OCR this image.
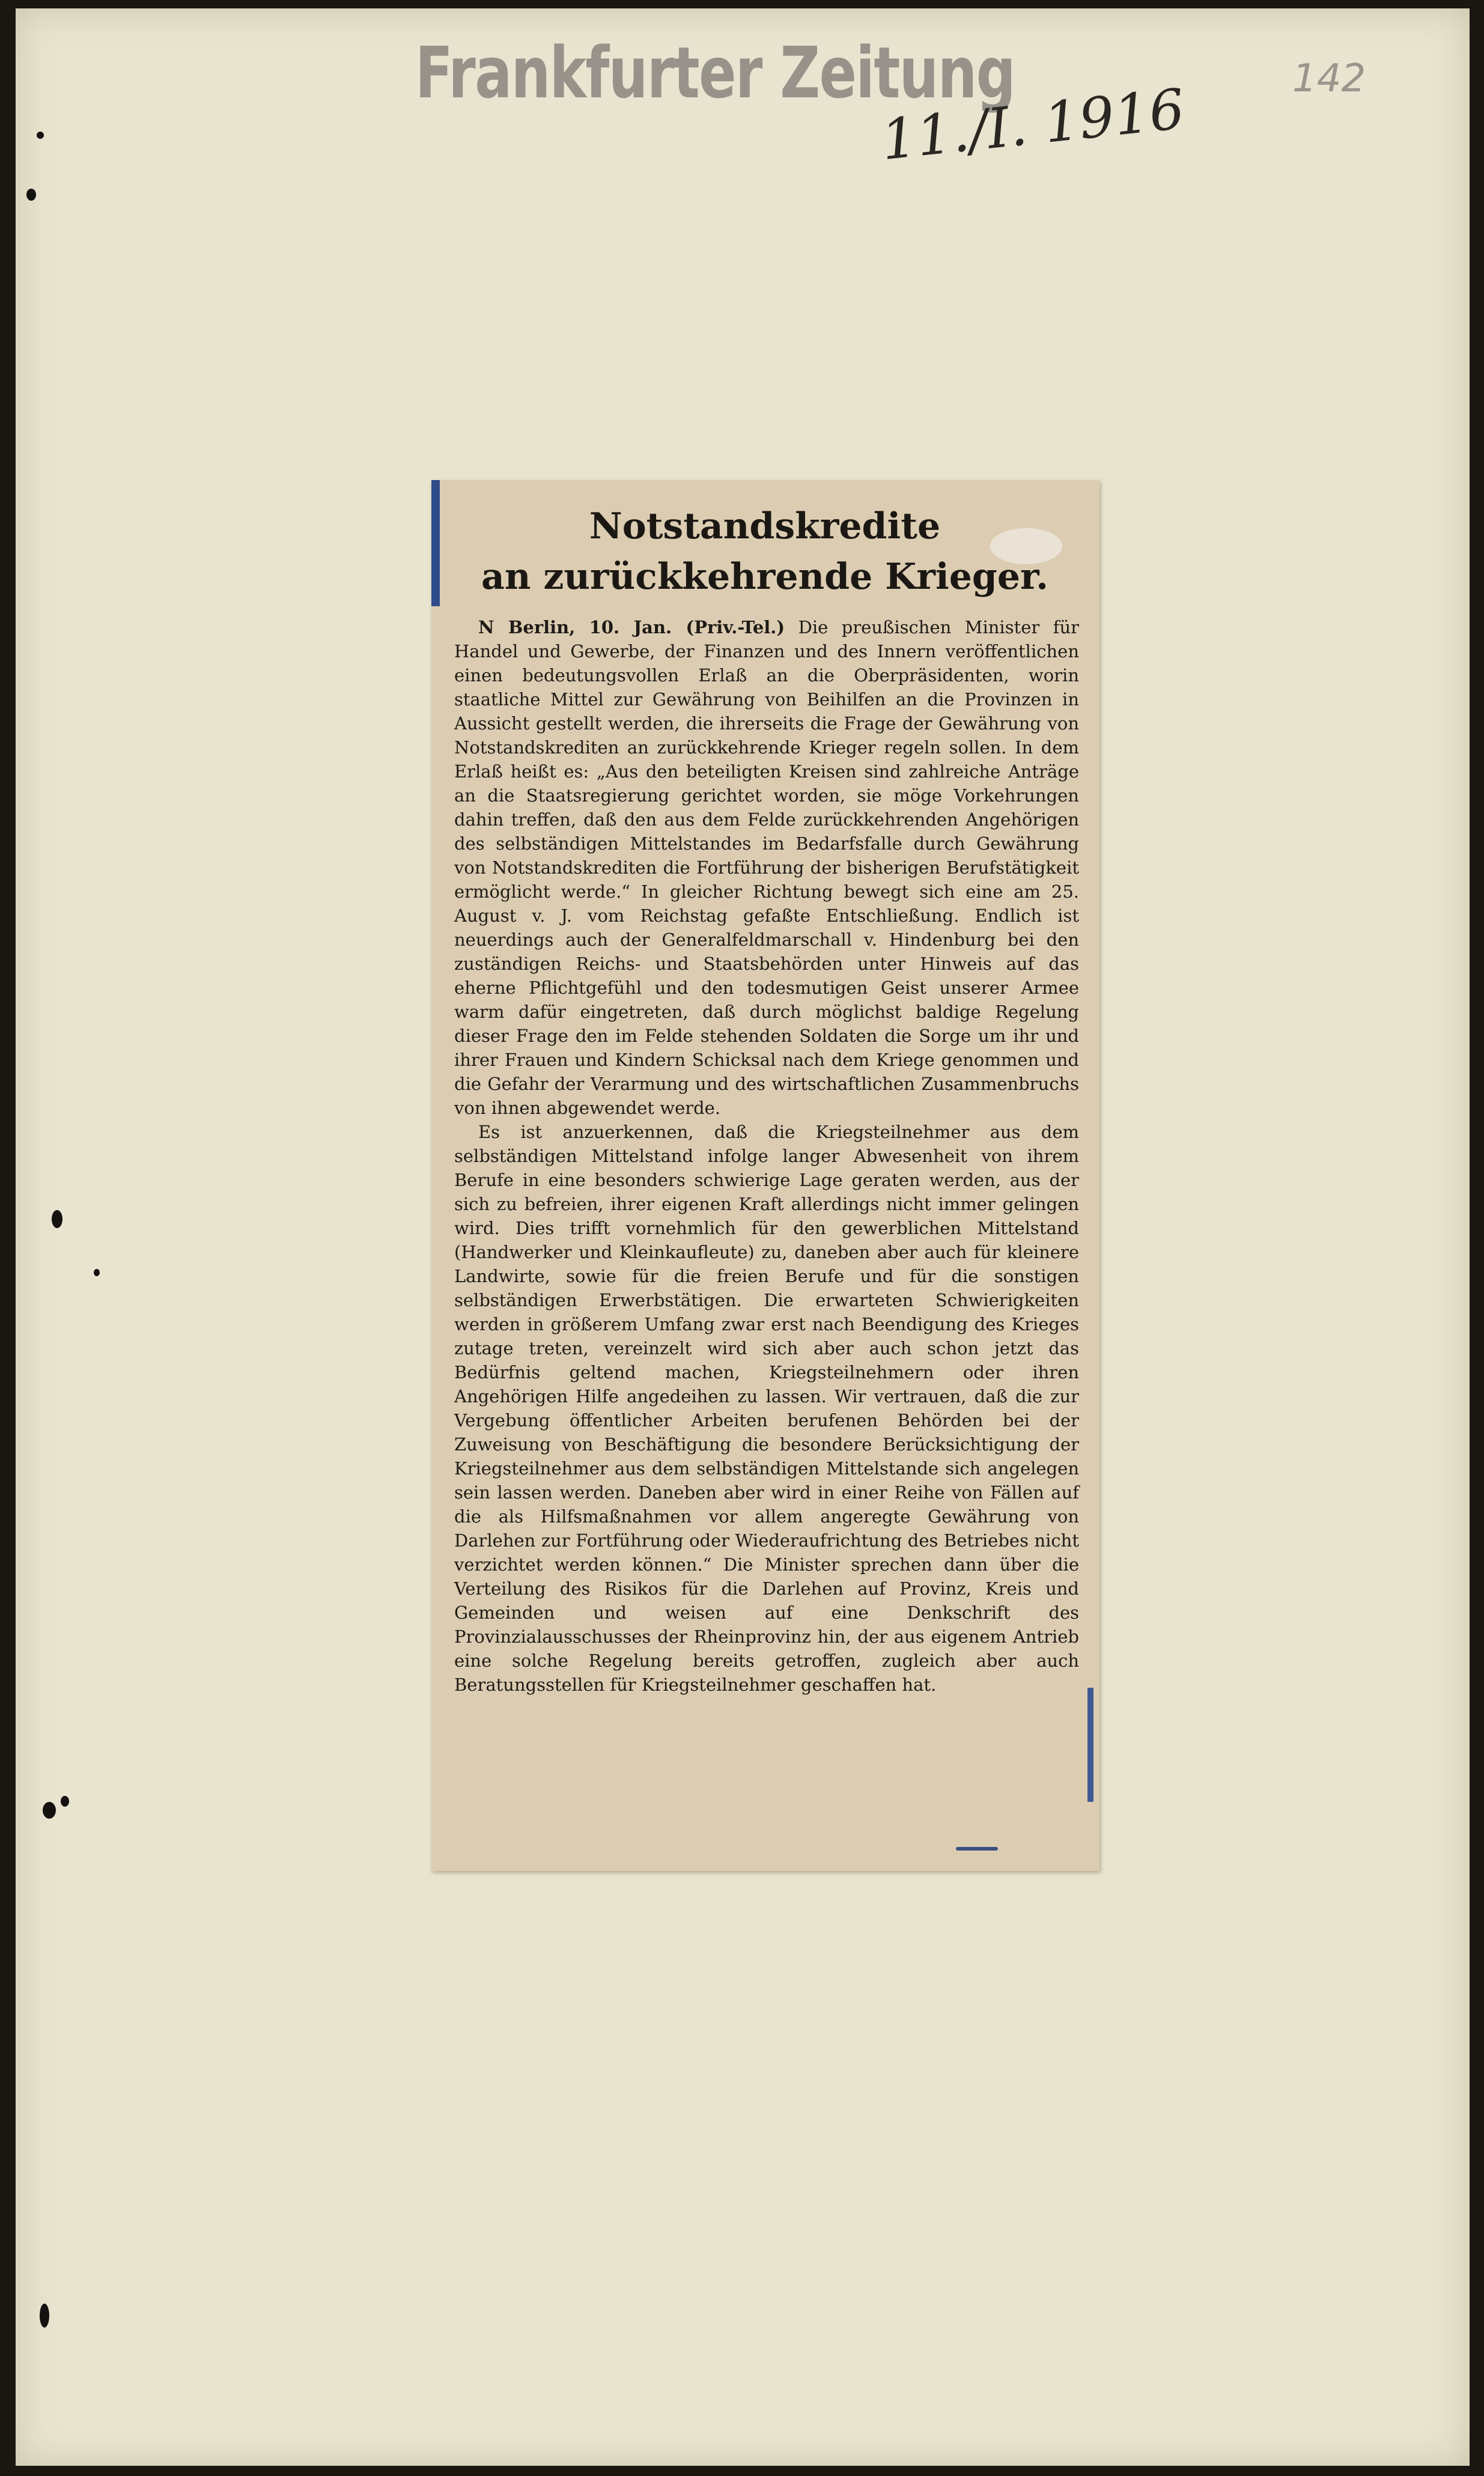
Frankfurter Zeitung
11./I. 1916	142
Notstandskredite
an zurückkehrende Krieger.

N Berlin, 10. Jan. (Priv.-Tel.) Die preußischen Minister für Handel und Gewerbe, der Finanzen und des Innern veröffentlichen einen bedeutungsvollen Erlaß an die Oberpräsidenten, worin staatliche Mittel zur Gewährung von Beihilfen an die Provinzen in Aussicht gestellt werden, die ihrerseits die Frage der Gewährung von Notstandskrediten an zurückkehrende Krieger regeln sollen. In dem Erlaß heißt es: „Aus den beteiligten Kreisen sind zahlreiche Anträge an die Staatsregierung gerichtet worden, sie möge Vorkehrungen dahin treffen, daß den aus dem Felde zurückkehrenden Angehörigen des selbständigen Mittelstandes im Bedarfsfalle durch Gewährung von Notstandskrediten die Fortführung der bisherigen Berufstätigkeit ermöglicht werde.“ In gleicher Richtung bewegt sich eine am 25. August v. J. vom Reichstag gefaßte Entschließung. Endlich ist neuerdings auch der Generalfeldmarschall v. Hindenburg bei den zuständigen Reichs- und Staatsbehörden unter Hinweis auf das eherne Pflichtgefühl und den todesmutigen Geist unserer Armee warm dafür eingetreten, daß durch möglichst baldige Regelung dieser Frage den im Felde stehenden Soldaten die Sorge um ihr und ihrer Frauen und Kindern Schicksal nach dem Kriege genommen und die Gefahr der Verarmung und des wirtschaftlichen Zusammenbruchs von ihnen abgewendet werde.

Es ist anzuerkennen, daß die Kriegsteilnehmer aus dem selbständigen Mittelstand infolge langer Abwesenheit von ihrem Berufe in eine besonders schwierige Lage geraten werden, aus der sich zu befreien, ihrer eigenen Kraft allerdings nicht immer gelingen wird. Dies trifft vornehmlich für den gewerblichen Mittelstand (Handwerker und Kleinkaufleute) zu, daneben aber auch für kleinere Landwirte, sowie für die freien Berufe und für die sonstigen selbständigen Erwerbstätigen. Die erwarteten Schwierigkeiten werden in größerem Umfang zwar erst nach Beendigung des Krieges zutage treten, vereinzelt wird sich aber auch schon jetzt das Bedürfnis geltend machen, Kriegsteilnehmern oder ihren Angehörigen Hilfe angedeihen zu lassen. Wir vertrauen, daß die zur Vergebung öffentlicher Arbeiten berufenen Behörden bei der Zuweisung von Beschäftigung die besondere Berücksichtigung der Kriegsteilnehmer aus dem selbständigen Mittelstande sich angelegen sein lassen werden. Daneben aber wird in einer Reihe von Fällen auf die als Hilfsmaßnahmen vor allem angeregte Gewährung von Darlehen zur Fortführung oder Wiederaufrichtung des Betriebes nicht verzichtet werden können.“ Die Minister sprechen dann über die Verteilung des Risikos für die Darlehen auf Provinz, Kreis und Gemeinden und weisen auf eine Denkschrift des Provinzialausschusses der Rheinprovinz hin, der aus eigenem Antrieb eine solche Regelung bereits getroffen, zugleich aber auch Beratungsstellen für Kriegsteilnehmer geschaffen hat.
